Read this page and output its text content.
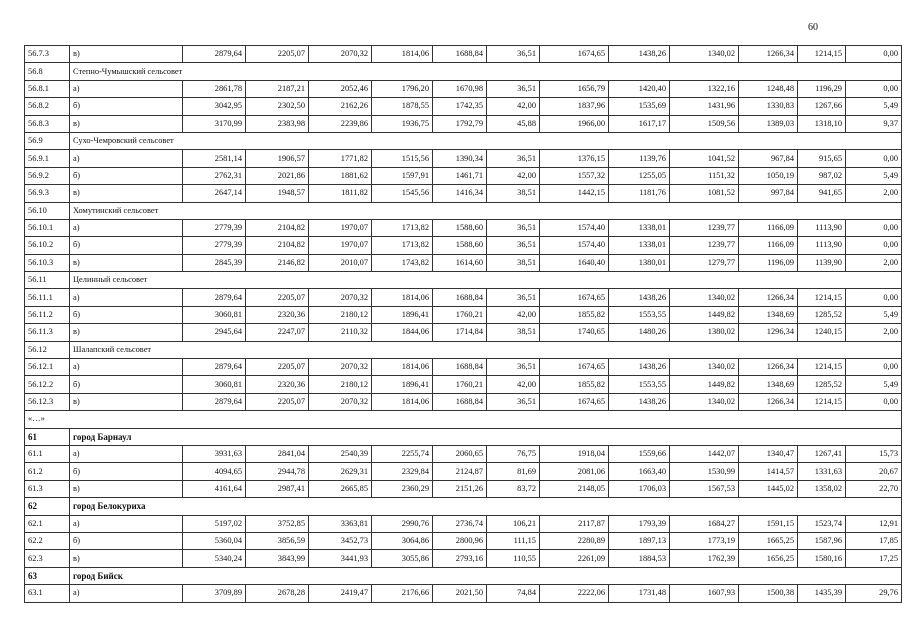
60
56.7.3	в)	2879,64	2205,07	2070,32	1814,06	1688,84	36,51	1674,65	1438,26	1340,02	1266,34	1214,15	0,00
56.8	Степно-Чумышский сельсовет												
56.8.1	а)	2861,78	2187,21	2052,46	1796,20	1670,98	36,51	1656,79	1420,40	1322,16	1248,48	1196,29	0,00
56.8.2	б)	3042,95	2302,50	2162,26	1878,55	1742,35	42,00	1837,96	1535,69	1431,96	1330,83	1267,66	5,49
56.8.3	в)	3170,99	2383,98	2239,86	1936,75	1792,79	45,88	1966,00	1617,17	1509,56	1389,03	1318,10	9,37
56.9	Сухо-Чемровский сельсовет												
56.9.1	а)	2581,14	1906,57	1771,82	1515,56	1390,34	36,51	1376,15	1139,76	1041,52	967,84	915,65	0,00
56.9.2	б)	2762,31	2021,86	1881,62	1597,91	1461,71	42,00	1557,32	1255,05	1151,32	1050,19	987,02	5,49
56.9.3	в)	2647,14	1948,57	1811,82	1545,56	1416,34	38,51	1442,15	1181,76	1081,52	997,84	941,65	2,00
56.10	Хомутинский сельсовет												
56.10.1	а)	2779,39	2104,82	1970,07	1713,82	1588,60	36,51	1574,40	1338,01	1239,77	1166,09	1113,90	0,00
56.10.2	б)	2779,39	2104,82	1970,07	1713,82	1588,60	36,51	1574,40	1338,01	1239,77	1166,09	1113,90	0,00
56.10.3	в)	2845,39	2146,82	2010,07	1743,82	1614,60	38,51	1640,40	1380,01	1279,77	1196,09	1139,90	2,00
56.11	Целинный сельсовет												
56.11.1	а)	2879,64	2205,07	2070,32	1814,06	1688,84	36,51	1674,65	1438,26	1340,02	1266,34	1214,15	0,00
56.11.2	б)	3060,81	2320,36	2180,12	1896,41	1760,21	42,00	1855,82	1553,55	1449,82	1348,69	1285,52	5,49
56.11.3	в)	2945,64	2247,07	2110,32	1844,06	1714,84	38,51	1740,65	1480,26	1380,02	1296,34	1240,15	2,00
56.12	Шалапский сельсовет												
56.12.1	а)	2879,64	2205,07	2070,32	1814,06	1688,84	36,51	1674,65	1438,26	1340,02	1266,34	1214,15	0,00
56.12.2	б)	3060,81	2320,36	2180,12	1896,41	1760,21	42,00	1855,82	1553,55	1449,82	1348,69	1285,52	5,49
56.12.3	в)	2879,64	2205,07	2070,32	1814,06	1688,84	36,51	1674,65	1438,26	1340,02	1266,34	1214,15	0,00
«…»													
61	город Барнаул												
61.1	а)	3931,63	2841,04	2540,39	2255,74	2060,65	76,75	1918,04	1559,66	1442,07	1340,47	1267,41	15,73
61.2	б)	4094,65	2944,78	2629,31	2329,84	2124,87	81,69	2081,06	1663,40	1530,99	1414,57	1331,63	20,67
61.3	в)	4161,64	2987,41	2665,85	2360,29	2151,26	83,72	2148,05	1706,03	1567,53	1445,02	1358,02	22,70
62	город Белокуриха												
62.1	а)	5197,02	3752,85	3363,81	2990,76	2736,74	106,21	2117,87	1793,39	1684,27	1591,15	1523,74	12,91
62.2	б)	5360,04	3856,59	3452,73	3064,86	2800,96	111,15	2280,89	1897,13	1773,19	1665,25	1587,96	17,85
62.3	в)	5340,24	3843,99	3441,93	3055,86	2793,16	110,55	2261,09	1884,53	1762,39	1656,25	1580,16	17,25
63	город Бийск												
63.1	а)	3709,89	2678,28	2419,47	2176,66	2021,50	74,84	2222,06	1731,48	1607,93	1500,38	1435,39	29,76
